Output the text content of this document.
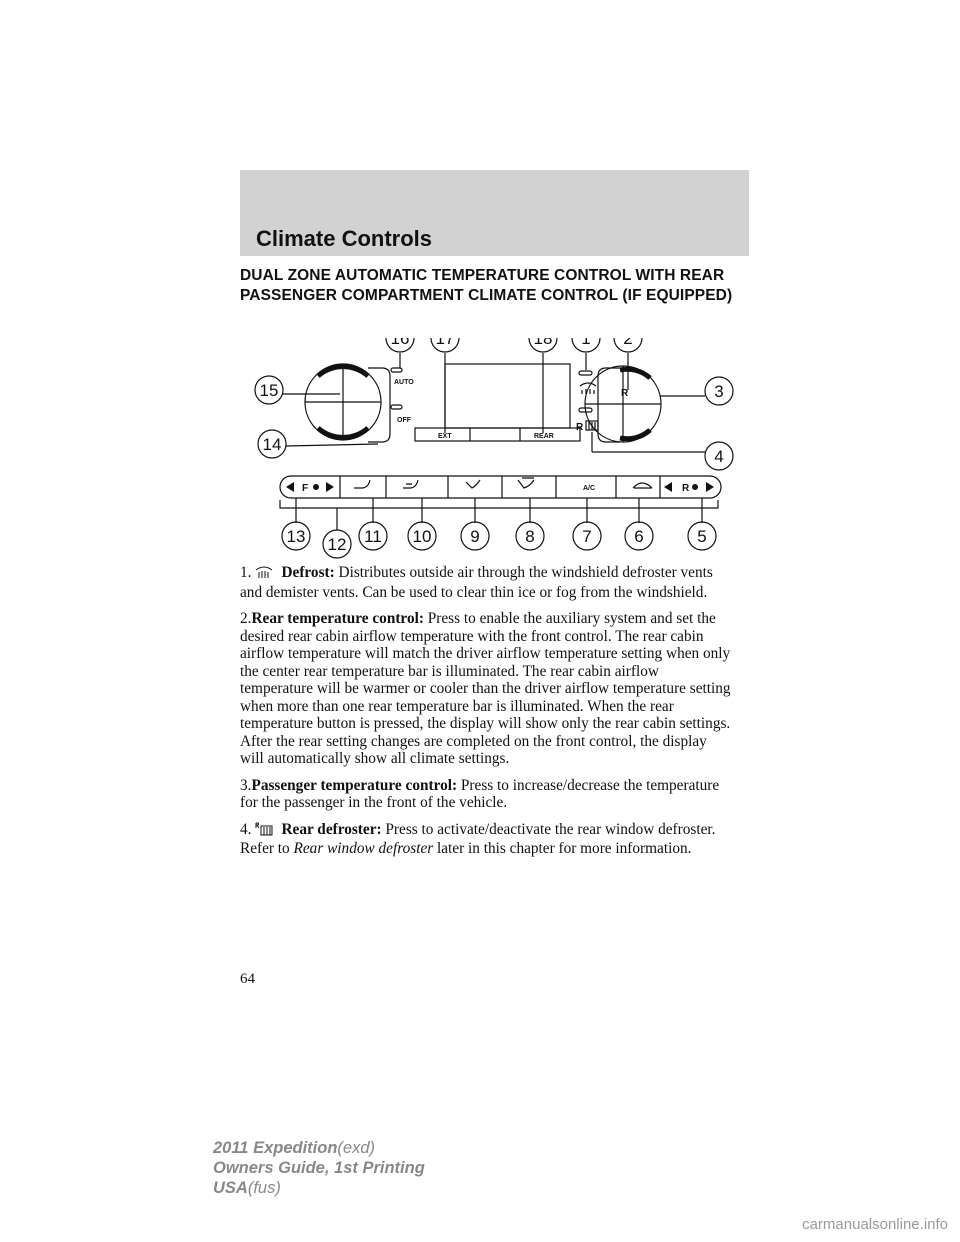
Climate Controls
DUAL ZONE AUTOMATIC TEMPERATURE CONTROL WITH REAR
PASSENGER COMPARTMENT CLIMATE CONTROL (IF EQUIPPED)
AUTO
OFF
EXT	REAR
A/C
F	R
R
R
16 17	18 1 2
15	3
14
4
13 12 11 10 9	8	7	6	5

1. Defrost: Distributes outside air through the windshield defroster vents and demister vents. Can be used to clear thin ice or fog from the windshield.

2.Rear temperature control: Press to enable the auxiliary system and set the desired rear cabin airflow temperature with the front control. The rear cabin airflow temperature will match the driver airflow temperature setting when only the center rear temperature bar is illuminated. The rear cabin airflow temperature will be warmer or cooler than the driver airflow temperature setting when more than one rear temperature bar is illuminated. When the rear temperature button is pressed, the display will show only the rear cabin settings. After the rear setting changes are completed on the front control, the display will automatically show all climate settings.

3.Passenger temperature control: Press to increase/decrease the temperature for the passenger in the front of the vehicle.

4. Rear defroster: Press to activate/deactivate the rear window defroster. Refer to Rear window defroster later in this chapter for more information.

64
2011 Expedition(exd)
Owners Guide, 1st Printing
USA(fus)
carmanualsonline.info
